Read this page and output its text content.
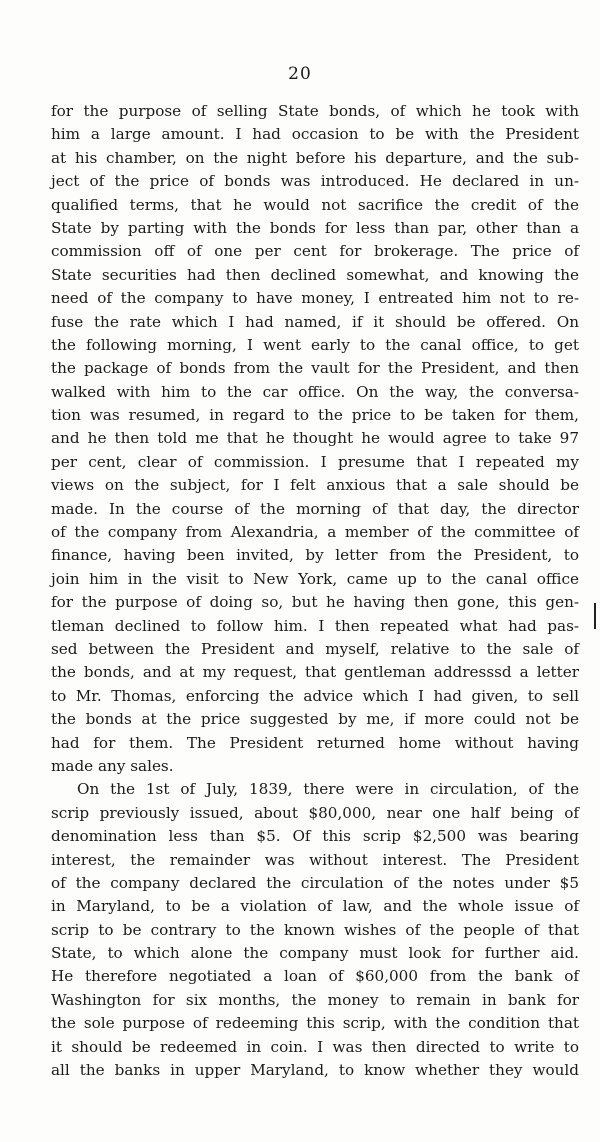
20
for the purpose of selling State bonds, of which he took with
him a large amount. I had occasion to be with the President
at his chamber, on the night before his departure, and the sub-
ject of the price of bonds was introduced. He declared in un-
qualified terms, that he would not sacrifice the credit of the
State by parting with the bonds for less than par, other than a
commission off of one per cent for brokerage. The price of
State securities had then declined somewhat, and knowing the
need of the company to have money, I entreated him not to re-
fuse the rate which I had named, if it should be offered. On
the following morning, I went early to the canal office, to get
the package of bonds from the vault for the President, and then
walked with him to the car office. On the way, the conversa-
tion was resumed, in regard to the price to be taken for them,
and he then told me that he thought he would agree to take 97
per cent, clear of commission. I presume that I repeated my
views on the subject, for I felt anxious that a sale should be
made. In the course of the morning of that day, the director
of the company from Alexandria, a member of the committee of
finance, having been invited, by letter from the President, to
join him in the visit to New York, came up to the canal office
for the purpose of doing so, but he having then gone, this gen-
tleman declined to follow him. I then repeated what had pas-
sed between the President and myself, relative to the sale of
the bonds, and at my request, that gentleman addresssd a letter
to Mr. Thomas, enforcing the advice which I had given, to sell
the bonds at the price suggested by me, if more could not be
had for them. The President returned home without having
made any sales.
On the 1st of July, 1839, there were in circulation, of the
scrip previously issued, about $80,000, near one half being of
denomination less than $5. Of this scrip $2,500 was bearing
interest, the remainder was without interest. The President
of the company declared the circulation of the notes under $5
in Maryland, to be a violation of law, and the whole issue of
scrip to be contrary to the known wishes of the people of that
State, to which alone the company must look for further aid.
He therefore negotiated a loan of $60,000 from the bank of
Washington for six months, the money to remain in bank for
the sole purpose of redeeming this scrip, with the condition that
it should be redeemed in coin. I was then directed to write to
all the banks in upper Maryland, to know whether they would
